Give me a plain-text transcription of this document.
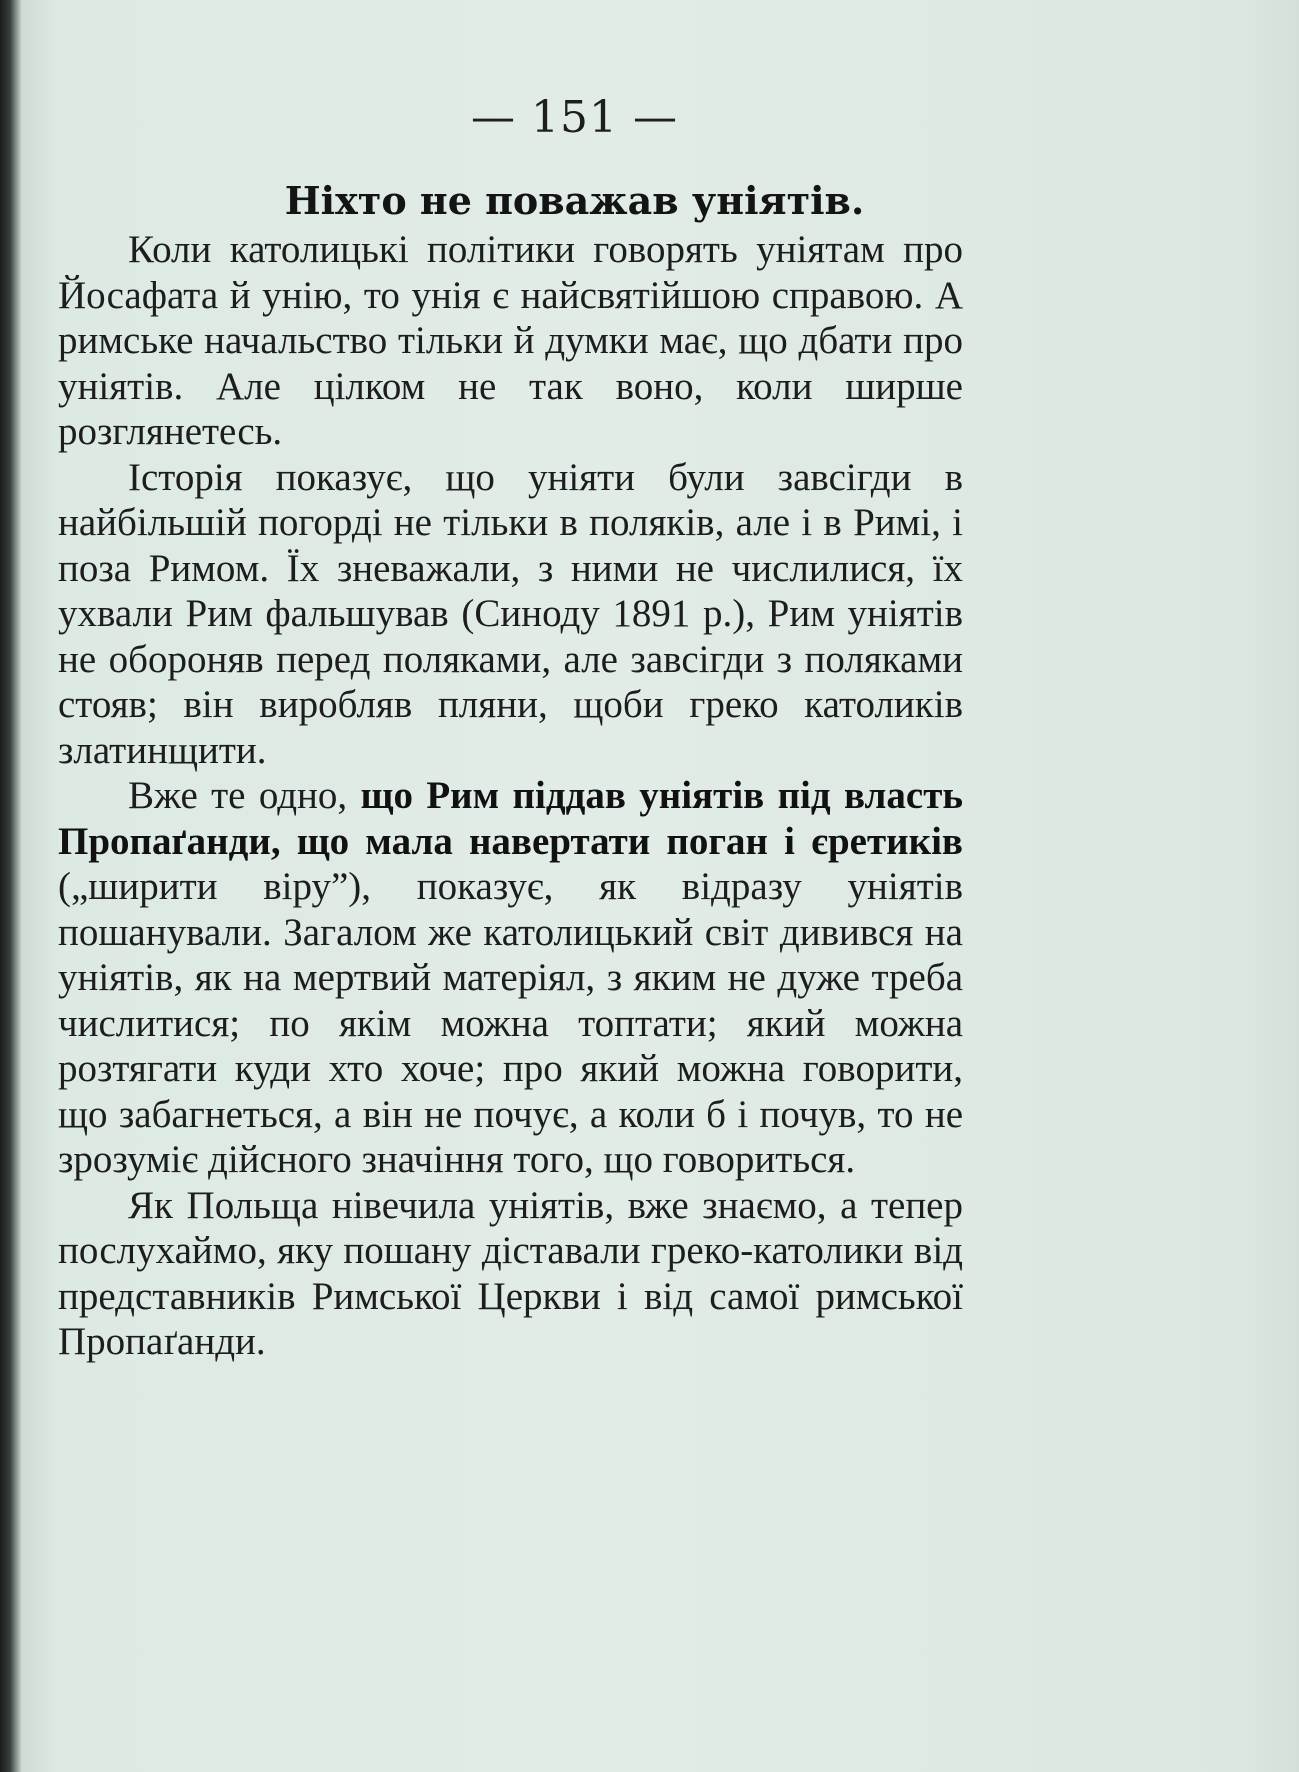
— 151 —
Ніхто не поважав уніятів.

Коли католицькі політики говорять уніятам про Йосафата й унію, то унія є найсвятійшою справою. А римське начальство тільки й думки має, що дбати про уніятів. Але цілком не так воно, коли ширше розглянетесь.

Історія показує, що уніяти були завсігди в найбільшій погорді не тільки в поляків, але і в Римі, і поза Римом. Їх зневажали, з ними не числилися, їх ухвали Рим фальшував (Синоду 1891 р.), Рим уніятів не обороняв перед поляками, але завсігди з поляками стояв; він виробляв пляни, щоби греко католиків златинщити.

Вже те одно, що Рим піддав уніятів під власть Пропаґанди, що мала навертати поган і єретиків („ширити віру”), показує, як відразу уніятів пошанували. Загалом же католицький світ дивився на уніятів, як на мертвий матеріял, з яким не дуже треба числитися; по якім можна топтати; який можна розтягати куди хто хоче; про який можна говорити, що забагнеться, а він не почує, а коли б і почув, то не зрозуміє дійсного значіння того, що говориться.

Як Польща нівечила уніятів, вже знаємо, а тепер послухаймо, яку пошану діставали греко-католики від представників Римської Церкви і від самої римської Пропаґанди.
